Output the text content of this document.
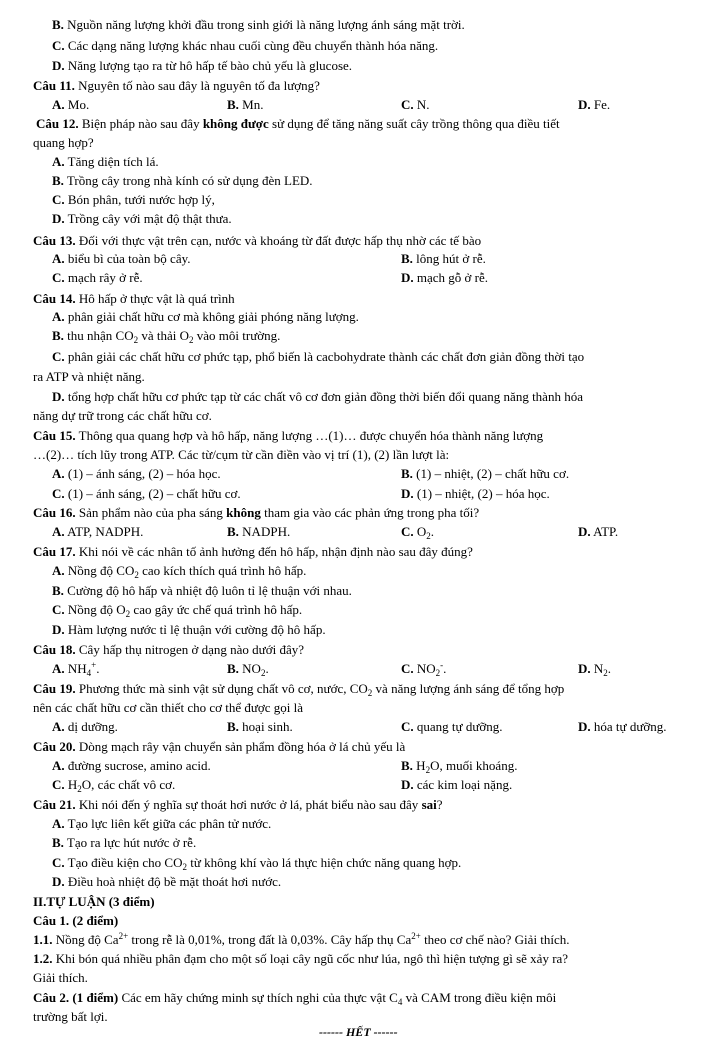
B. Nguồn năng lượng khởi đầu trong sinh giới là năng lượng ánh sáng mặt trời.
C. Các dạng năng lượng khác nhau cuối cùng đều chuyển thành hóa năng.
D. Năng lượng tạo ra từ hô hấp tế bào chủ yếu là glucose.
Câu 11. Nguyên tố nào sau đây là nguyên tố đa lượng?
A. Mo.	B. Mn.	C. N.	D. Fe.
Câu 12. Biện pháp nào sau đây không được sử dụng để tăng năng suất cây trồng thông qua điều tiết
quang hợp?
A. Tăng diện tích lá.
B. Trồng cây trong nhà kính có sử dụng đèn LED.
C. Bón phân, tưới nước hợp lý,
D. Trồng cây với mật độ thật thưa.
Câu 13. Đối với thực vật trên cạn, nước và khoáng từ đất được hấp thụ nhờ các tế bào
A. biểu bì của toàn bộ cây.	B. lông hút ở rễ.
C. mạch rây ở rễ.	D. mạch gỗ ở rễ.
Câu 14. Hô hấp ở thực vật là quá trình
A. phân giải chất hữu cơ mà không giải phóng năng lượng.
B. thu nhận $CO_2$ và thải $O_2$ vào môi trường.
C. phân giải các chất hữu cơ phức tạp, phổ biến là cacbohydrate thành các chất đơn giản đồng thời tạo
ra ATP và nhiệt năng.
D. tổng hợp chất hữu cơ phức tạp từ các chất vô cơ đơn giản đồng thời biến đổi quang năng thành hóa
năng dự trữ trong các chất hữu cơ.
Câu 15. Thông qua quang hợp và hô hấp, năng lượng …(1)… được chuyển hóa thành năng lượng
…(2)… tích lũy trong ATP. Các từ/cụm từ cần điền vào vị trí (1), (2) lần lượt là:
A. (1) – ánh sáng, (2) – hóa học.	B. (1) – nhiệt, (2) – chất hữu cơ.
C. (1) – ánh sáng, (2) – chất hữu cơ.	D. (1) – nhiệt, (2) – hóa học.
Câu 16. Sản phẩm nào của pha sáng không tham gia vào các phản ứng trong pha tối?
A. ATP, NADPH.	B. NADPH.	C. $O_2$.	D. ATP.
Câu 17. Khi nói về các nhân tố ảnh hưởng đến hô hấp, nhận định nào sau đây đúng?
A. Nồng độ $CO_2$ cao kích thích quá trình hô hấp.
B. Cường độ hô hấp và nhiệt độ luôn tỉ lệ thuận với nhau.
C. Nồng độ $O_2$ cao gây ức chế quá trình hô hấp.
D. Hàm lượng nước tỉ lệ thuận với cường độ hô hấp.
Câu 18. Cây hấp thụ nitrogen ở dạng nào dưới đây?
A. $NH_4^+$.	B. $NO_2$.	C. $NO_2^-$.	D. $N_2$.
Câu 19. Phương thức mà sinh vật sử dụng chất vô cơ, nước, $CO_2$ và năng lượng ánh sáng để tổng hợp
nên các chất hữu cơ cần thiết cho cơ thể được gọi là
A. dị dưỡng.	B. hoại sinh.	C. quang tự dưỡng.	D. hóa tự dưỡng.
Câu 20. Dòng mạch rây vận chuyển sản phẩm đồng hóa ở lá chủ yếu là
A. đường sucrose, amino acid.	B. $H_2O$, muối khoáng.
C. $H_2O$, các chất vô cơ.	D. các kim loại nặng.
Câu 21. Khi nói đến ý nghĩa sự thoát hơi nước ở lá, phát biểu nào sau đây sai?
A. Tạo lực liên kết giữa các phân tử nước.
B. Tạo ra lực hút nước ở rễ.
C. Tạo điều kiện cho $CO_2$ từ không khí vào lá thực hiện chức năng quang hợp.
D. Điều hoà nhiệt độ bề mặt thoát hơi nước.
II.TỰ LUẬN (3 điểm)
Câu 1. (2 điểm)
1.1. Nồng độ $Ca^{2+}$ trong rễ là 0,01%, trong đất là 0,03%. Cây hấp thụ $Ca^{2+}$ theo cơ chế nào? Giải thích.
1.2. Khi bón quá nhiều phân đạm cho một số loại cây ngũ cốc như lúa, ngô thì hiện tượng gì sẽ xảy ra?
Giải thích.
Câu 2. (1 điểm) Các em hãy chứng minh sự thích nghi của thực vật $C_4$ và CAM trong điều kiện môi
trường bất lợi.
------ HẾT ------
